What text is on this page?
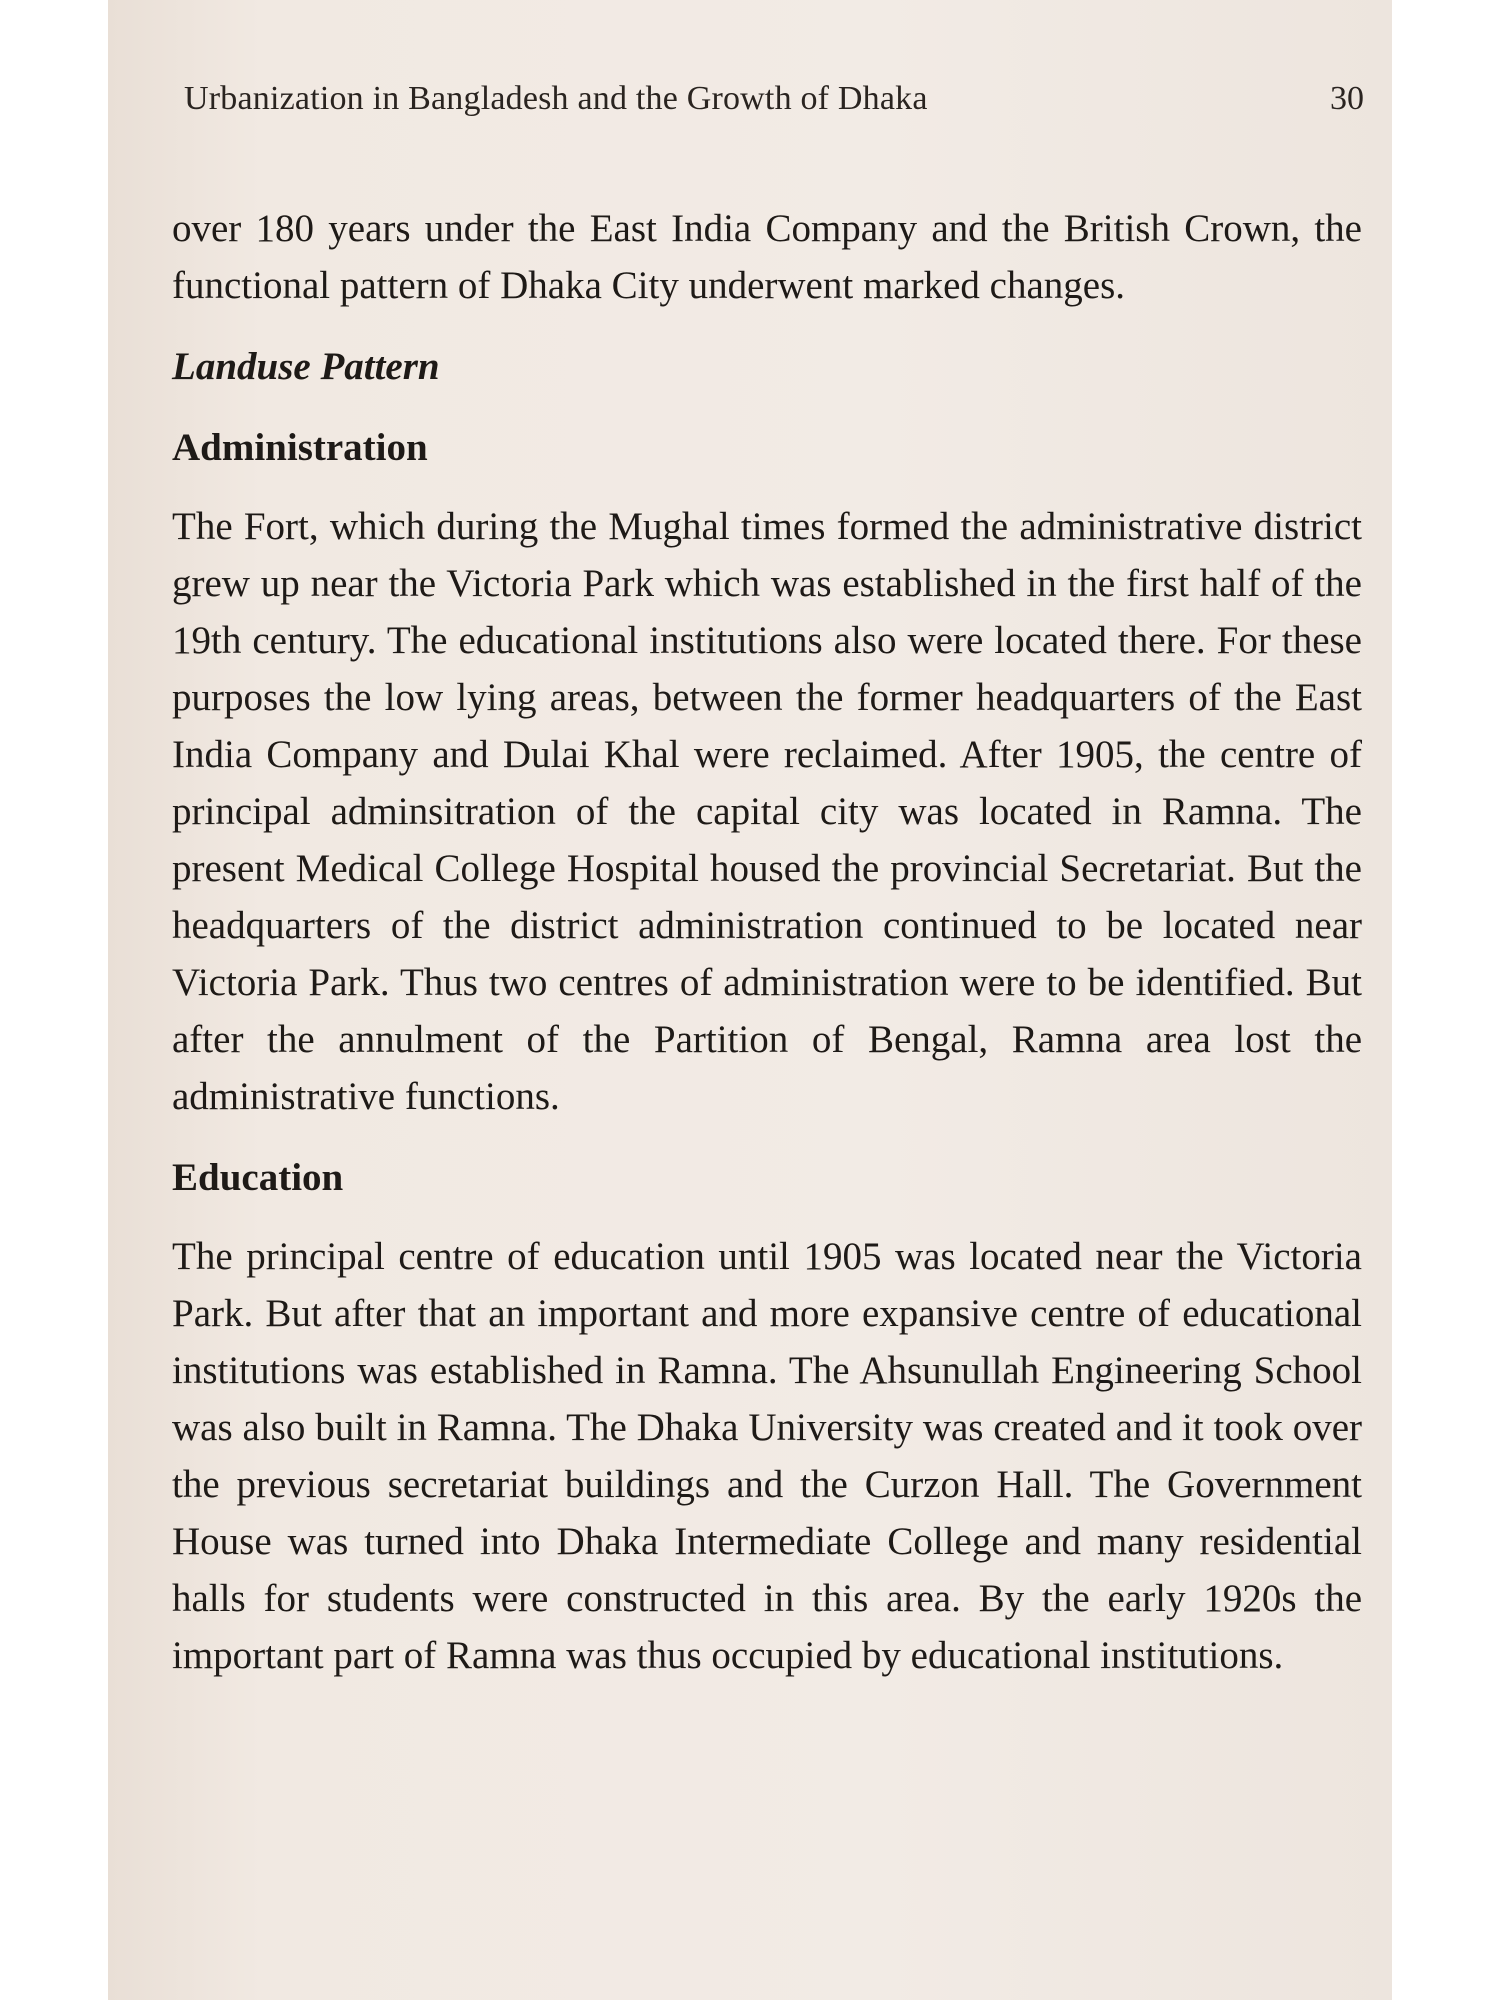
Urbanization in Bangladesh and the Growth of Dhaka	30

over 180 years under the East India Company and the British Crown, the functional pattern of Dhaka City underwent marked changes.

Landuse Pattern
Administration

The Fort, which during the Mughal times formed the administrative district grew up near the Victoria Park which was established in the first half of the 19th century. The educational institutions also were located there. For these purposes the low lying areas, between the former headquarters of the East India Company and Dulai Khal were reclaimed. After 1905, the centre of principal adminsitration of the capital city was located in Ramna. The present Medical College Hospital housed the provincial Secretariat. But the headquarters of the district administration continued to be located near Victoria Park. Thus two centres of administration were to be identified. But after the annulment of the Partition of Bengal, Ramna area lost the administrative functions.

Education

The principal centre of education until 1905 was located near the Victoria Park. But after that an important and more expansive centre of educational institutions was established in Ramna. The Ahsunullah Engineering School was also built in Ramna. The Dhaka University was created and it took over the previous secretariat buildings and the Curzon Hall. The Government House was turned into Dhaka Intermediate College and many residential halls for students were constructed in this area. By the early 1920s the important part of Ramna was thus occupied by educational institutions.
